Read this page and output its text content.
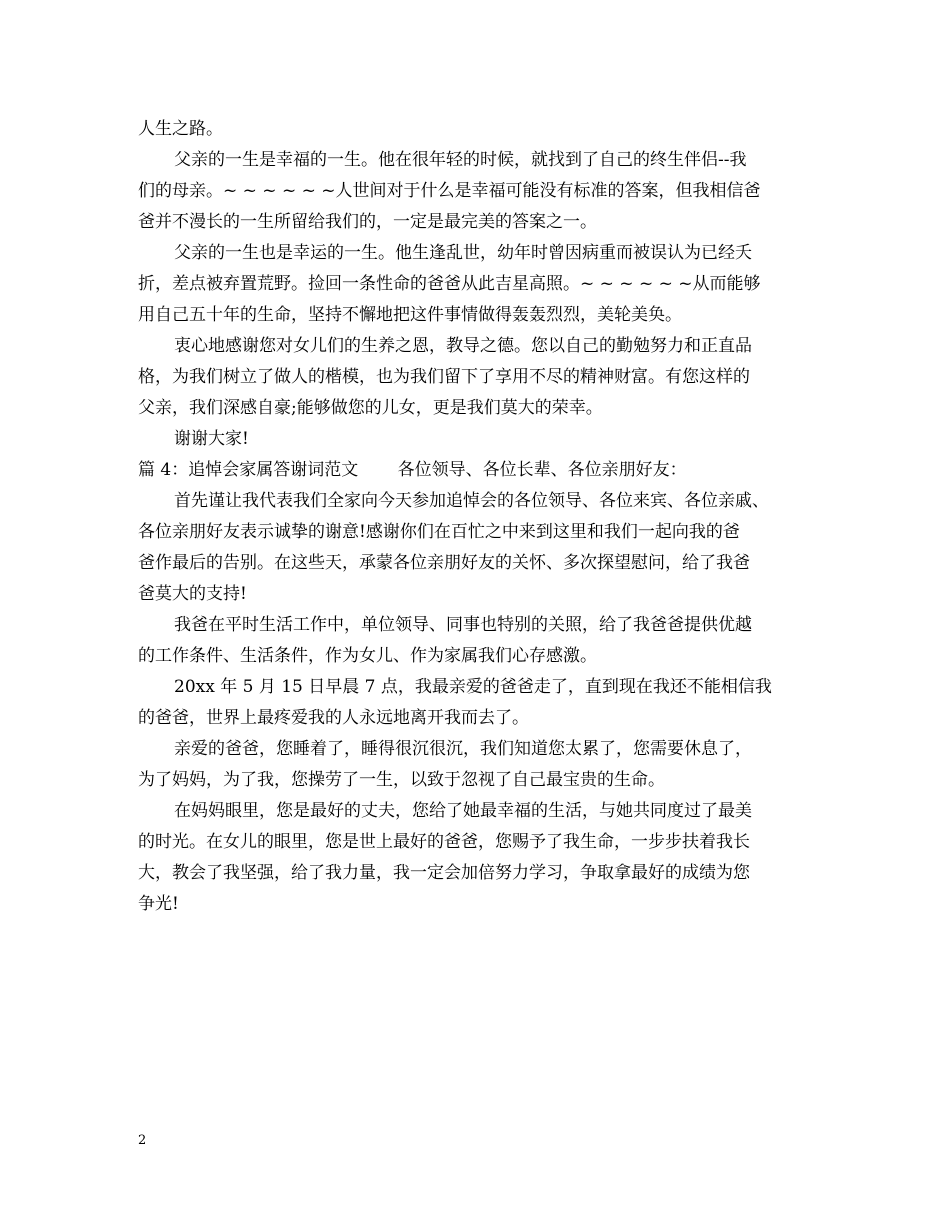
人生之路。
父亲的一生是幸福的一生。他在很年轻的时候，就找到了自己的终生伴侣--我
们的母亲。~ ~ ~ ~ ~ ~人世间对于什么是幸福可能没有标准的答案，但我相信爸
爸并不漫长的一生所留给我们的，一定是最完美的答案之一。
父亲的一生也是幸运的一生。他生逢乱世，幼年时曾因病重而被误认为已经夭
折，差点被弃置荒野。捡回一条性命的爸爸从此吉星高照。~ ~ ~ ~ ~ ~从而能够
用自己五十年的生命，坚持不懈地把这件事情做得轰轰烈烈，美轮美奂。
衷心地感谢您对女儿们的生养之恩，教导之德。您以自己的勤勉努力和正直品
格，为我们树立了做人的楷模，也为我们留下了享用不尽的精神财富。有您这样的
父亲，我们深感自豪;能够做您的儿女，更是我们莫大的荣幸。
谢谢大家!
篇 4：追悼会家属答谢词范文　　 各位领导、各位长辈、各位亲朋好友：
首先谨让我代表我们全家向今天参加追悼会的各位领导、各位来宾、各位亲戚、
各位亲朋好友表示诚挚的谢意!感谢你们在百忙之中来到这里和我们一起向我的爸
爸作最后的告别。在这些天，承蒙各位亲朋好友的关怀、多次探望慰问，给了我爸
爸莫大的支持!
我爸在平时生活工作中，单位领导、同事也特别的关照，给了我爸爸提供优越
的工作条件、生活条件，作为女儿、作为家属我们心存感激。
20xx 年 5 月 15 日早晨 7 点，我最亲爱的爸爸走了，直到现在我还不能相信我
的爸爸，世界上最疼爱我的人永远地离开我而去了。
亲爱的爸爸，您睡着了，睡得很沉很沉，我们知道您太累了，您需要休息了，
为了妈妈，为了我，您操劳了一生，以致于忽视了自己最宝贵的生命。
在妈妈眼里，您是最好的丈夫，您给了她最幸福的生活，与她共同度过了最美
的时光。在女儿的眼里，您是世上最好的爸爸，您赐予了我生命，一步步扶着我长
大，教会了我坚强，给了我力量，我一定会加倍努力学习，争取拿最好的成绩为您
争光!
2
